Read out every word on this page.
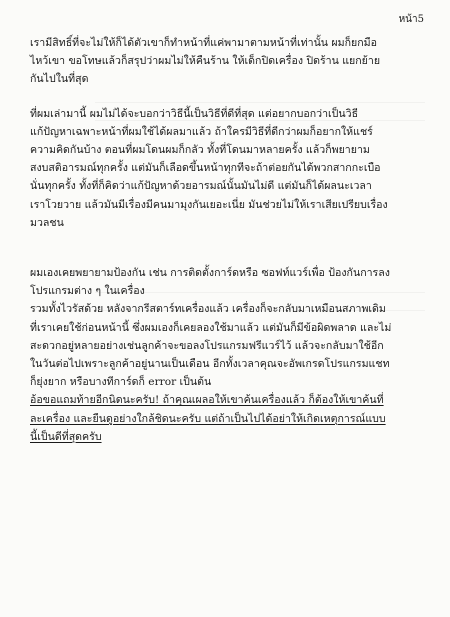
หน้า5

เรามีสิทธิ์ที่จะไม่ให้ก็ได้ตัวเขาก็ทำหน้าที่แค่พามาตามหน้าที่เท่านั้น ผมก็ยกมือ
ไหว้เขา ขอโทษแล้วก็สรุปว่าผมไม่ให้คืนร้าน ให้เด็กปิดเครื่อง ปิดร้าน แยกย้าย
กันไปในที่สุด

ที่ผมเล่ามานี้ ผมไม่ได้จะบอกว่าวิธีนี้เป็นวิธีที่ดีที่สุด แต่อยากบอกว่าเป็นวิธี
แก้ปัญหาเฉพาะหน้าที่ผมใช้ได้ผลมาแล้ว ถ้าใครมีวิธีที่ดีกว่าผมก็อยากให้แชร์
ความคิดกันบ้าง ตอนที่ผมโดนผมก็กลัว ทั้งที่โดนมาหลายครั้ง แล้วก็พยายาม
สงบสติอารมณ์ทุกครั้ง แต่มันก็เลือดขึ้นหน้าทุกทีจะถ้าต่อยกันได้พวกสากกะเบือ
นั่นทุกครั้ง ทั้งที่ก็คิดว่าแก้ปัญหาด้วยอารมณ์นั้นมันไม่ดี แต่มันก็ได้ผลนะเวลา
เราโวยวาย แล้วมันมีเรื่องมีคนมามุงกันเยอะเนี่ย มันช่วยไม่ให้เราเสียเปรียบเรื่อง
มวลชน

ผมเองเคยพยายามป้องกัน เช่น การติดตั้งการ์ดหรือ ซอฟท์แวร์เพื่อ ป้องกันการลง
โปรแกรมต่าง ๆ ในเครื่อง

รวมทั้งไวรัสด้วย หลังจากรีสตาร์ทเครื่องแล้ว เครื่องก็จะกลับมาเหมือนสภาพเดิม
ที่เราเคยใช้ก่อนหน้านี้ ซึ่งผมเองก็เคยลองใช้มาแล้ว แต่มันก็มีข้อผิดพลาด และไม่
สะดวกอยู่หลายอย่างเช่นลูกค้าจะขอลงโปรแกรมฟรีแวร์ไว้ แล้วจะกลับมาใช้อีก
ในวันต่อไปเพราะลูกค้าอยู่นานเป็นเดือน อีกทั้งเวลาคุณจะอัพเกรดโปรแกรมแชท
ก็ยุ่งยาก หรือบางทีการ์ดก็ error เป็นต้น

อ้อขอแถมท้ายอีกนิดนะครับ! ถ้าคุณเผลอให้เขาค้นเครื่องแล้ว ก็ต้องให้เขาค้นที่
ละเครื่อง และยืนดูอย่างใกล้ชิดนะครับ แต่ถ้าเป็นไปได้อย่าให้เกิดเหตุการณ์แบบ
นี้เป็นดีที่สุดครับ
